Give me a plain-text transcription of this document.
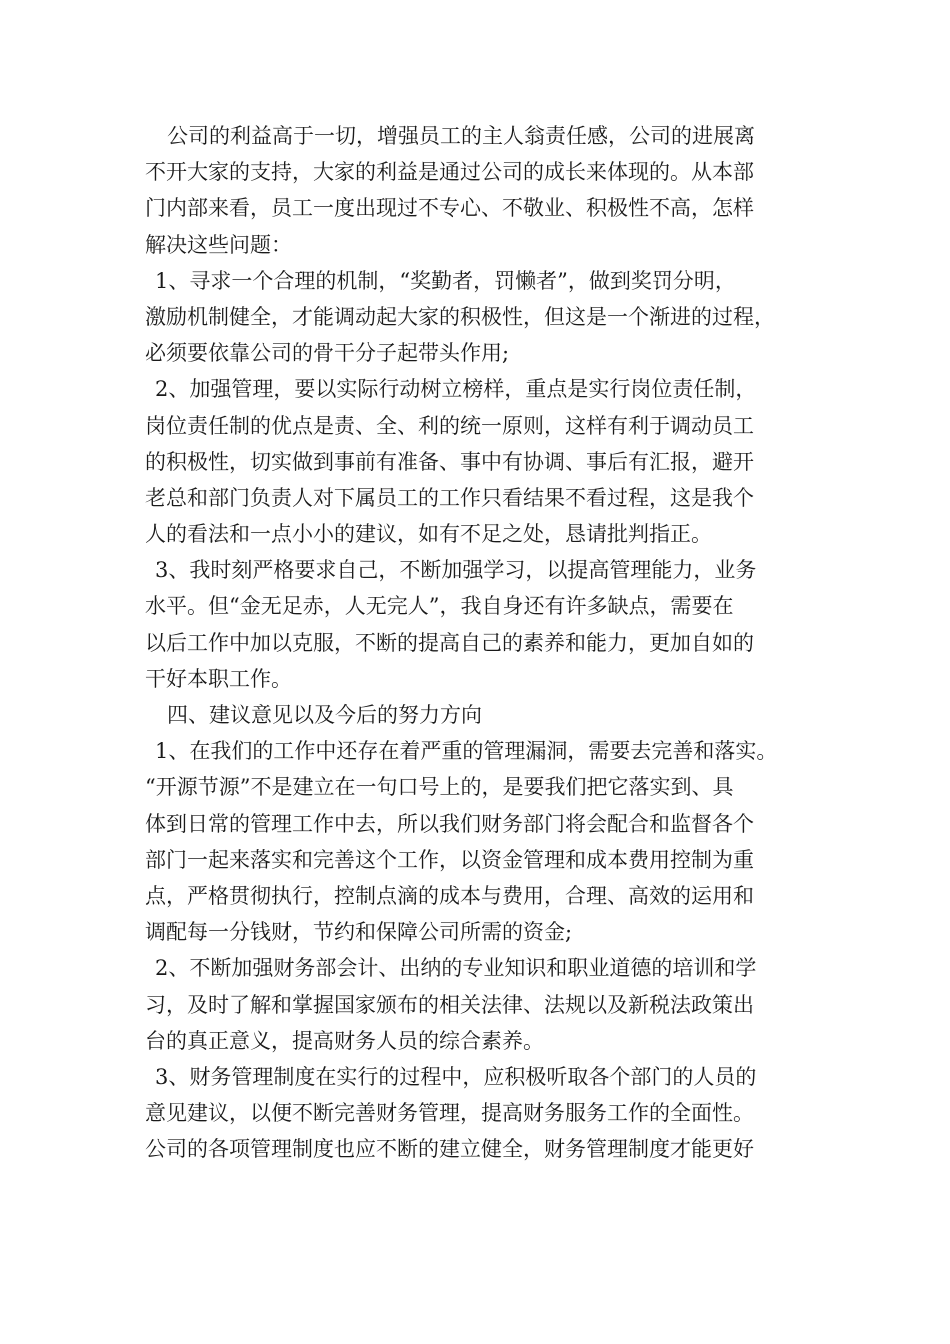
公司的利益高于一切，增强员工的主人翁责任感，公司的进展离
不开大家的支持，大家的利益是通过公司的成长来体现的。从本部
门内部来看，员工一度出现过不专心、不敬业、积极性不高，怎样
解决这些问题：

1、寻求一个合理的机制，“奖勤者，罚懒者”，做到奖罚分明，
激励机制健全，才能调动起大家的积极性，但这是一个渐进的过程，
必须要依靠公司的骨干分子起带头作用;

2、加强管理，要以实际行动树立榜样，重点是实行岗位责任制，
岗位责任制的优点是责、全、利的统一原则，这样有利于调动员工
的积极性，切实做到事前有准备、事中有协调、事后有汇报，避开
老总和部门负责人对下属员工的工作只看结果不看过程，这是我个
人的看法和一点小小的建议，如有不足之处，恳请批判指正。

3、我时刻严格要求自己，不断加强学习，以提高管理能力，业务
水平。但“金无足赤，人无完人”，我自身还有许多缺点，需要在
以后工作中加以克服，不断的提高自己的素养和能力，更加自如的
干好本职工作。

四、建议意见以及今后的努力方向

1、在我们的工作中还存在着严重的管理漏洞，需要去完善和落实。
“开源节源”不是建立在一句口号上的，是要我们把它落实到、具
体到日常的管理工作中去，所以我们财务部门将会配合和监督各个
部门一起来落实和完善这个工作，以资金管理和成本费用控制为重
点，严格贯彻执行，控制点滴的成本与费用，合理、高效的运用和
调配每一分钱财，节约和保障公司所需的资金;

2、不断加强财务部会计、出纳的专业知识和职业道德的培训和学
习，及时了解和掌握国家颁布的相关法律、法规以及新税法政策出
台的真正意义，提高财务人员的综合素养。

3、财务管理制度在实行的过程中，应积极听取各个部门的人员的
意见建议，以便不断完善财务管理，提高财务服务工作的全面性。
公司的各项管理制度也应不断的建立健全，财务管理制度才能更好
